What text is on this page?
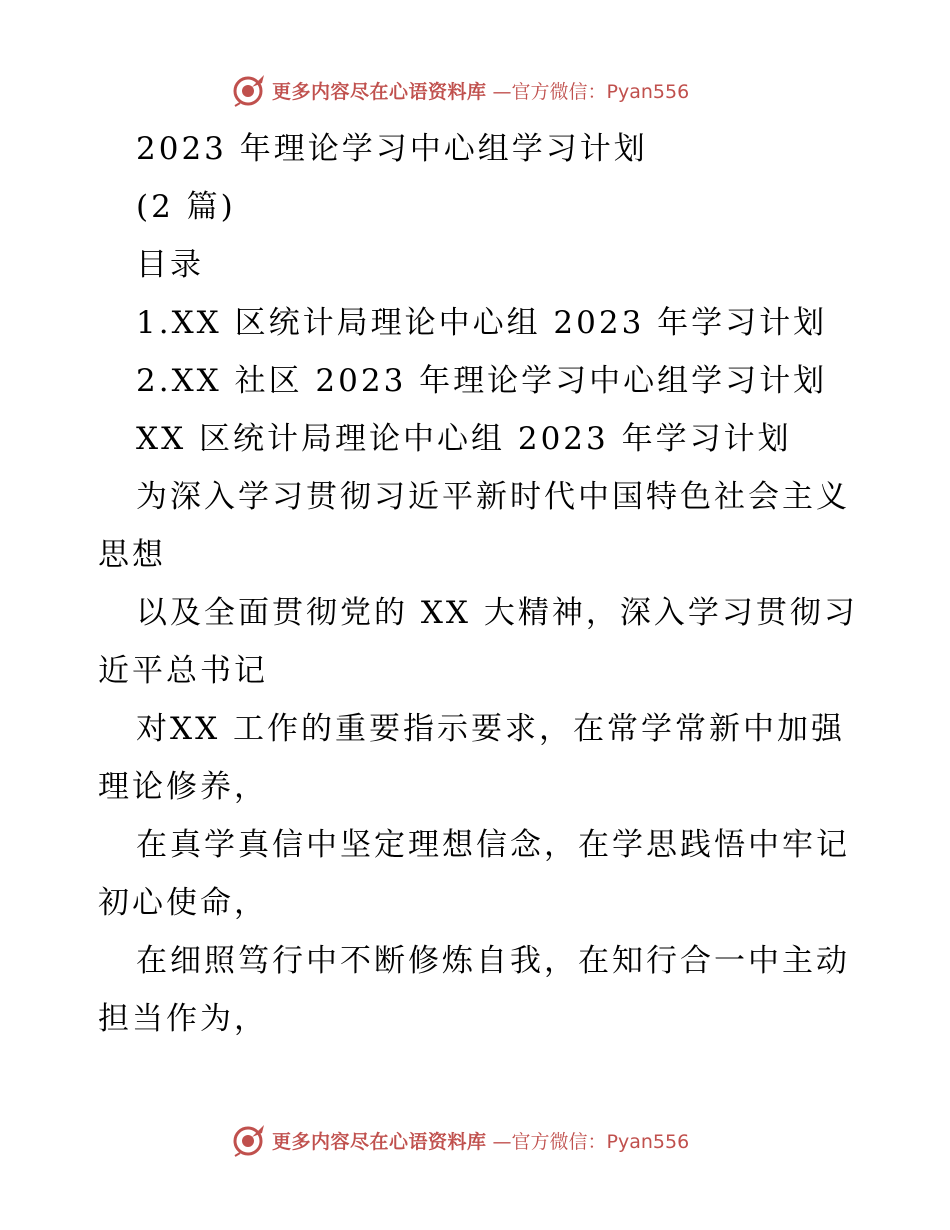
更多内容尽在心语资料库 —官方微信：Pyan556
2023 年理论学习中心组学习计划
(2 篇)
目录
1.XX 区统计局理论中心组 2023 年学习计划
2.XX 社区 2023 年理论学习中心组学习计划
XX 区统计局理论中心组 2023 年学习计划
为深入学习贯彻习近平新时代中国特色社会主义
思想
以及全面贯彻党的 XX 大精神，深入学习贯彻习
近平总书记
对XX 工作的重要指示要求，在常学常新中加强
理论修养，
在真学真信中坚定理想信念，在学思践悟中牢记
初心使命，
在细照笃行中不断修炼自我，在知行合一中主动
担当作为，
更多内容尽在心语资料库 —官方微信：Pyan556
